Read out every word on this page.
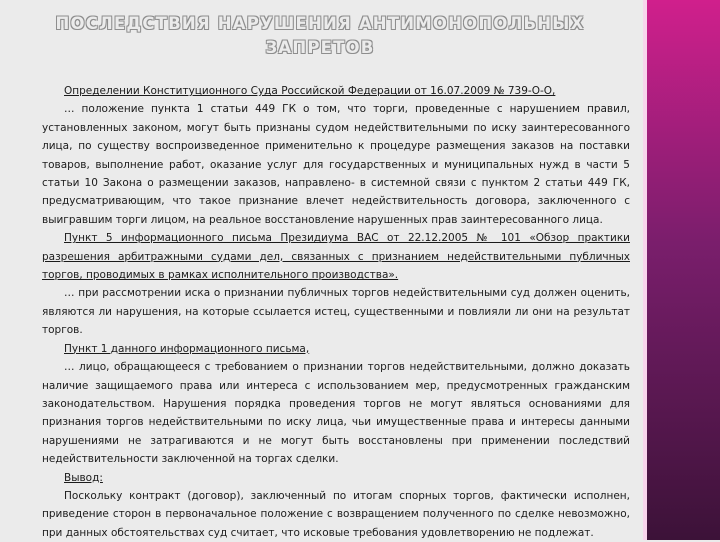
ПОСЛЕДСТВИЯ НАРУШЕНИЯ АНТИМОНОПОЛЬНЫХ
ЗАПРЕТОВ

Определении Конституционного Суда Российской Федерации от 16.07.2009 № 739-О-О,

… положение пункта 1 статьи 449 ГК о том, что торги, проведенные с нарушением правил, установленных законом, могут быть признаны судом недействительными по иску заинтересованного лица, по существу воспроизведенное применительно к процедуре размещения заказов на поставки товаров, выполнение работ, оказание услуг для государственных и муниципальных нужд в части 5 статьи 10 Закона о размещении заказов, направлено- в системной связи с пунктом 2 статьи 449 ГК, предусматривающим, что такое признание влечет недействительность договора, заключенного с выигравшим торги лицом, на реальное восстановление нарушенных прав заинтересованного лица.

Пункт 5 информационного письма Президиума ВАС от 22.12.2005 № 101 «Обзор практики разрешения арбитражными судами дел, связанных с признанием недействительными публичных торгов, проводимых в рамках исполнительного производства».

… при рассмотрении иска о признании публичных торгов недействительными суд должен оценить, являются ли нарушения, на которые ссылается истец, существенными и повлияли ли они на результат торгов.

Пункт 1 данного информационного письма,

… лицо, обращающееся с требованием о признании торгов недействительными, должно доказать наличие защищаемого права или интереса с использованием мер, предусмотренных гражданским законодательством. Нарушения порядка проведения торгов не могут являться основаниями для признания торгов недействительными по иску лица, чьи имущественные права и интересы данными нарушениями не затрагиваются и не могут быть восстановлены при применении последствий недействительности заключенной на торгах сделки.

Вывод:

Поскольку контракт (договор), заключенный по итогам спорных торгов, фактически исполнен, приведение сторон в первоначальное положение с возвращением полученного по сделке невозможно, при данных обстоятельствах суд считает, что исковые требования удовлетворению не подлежат.
